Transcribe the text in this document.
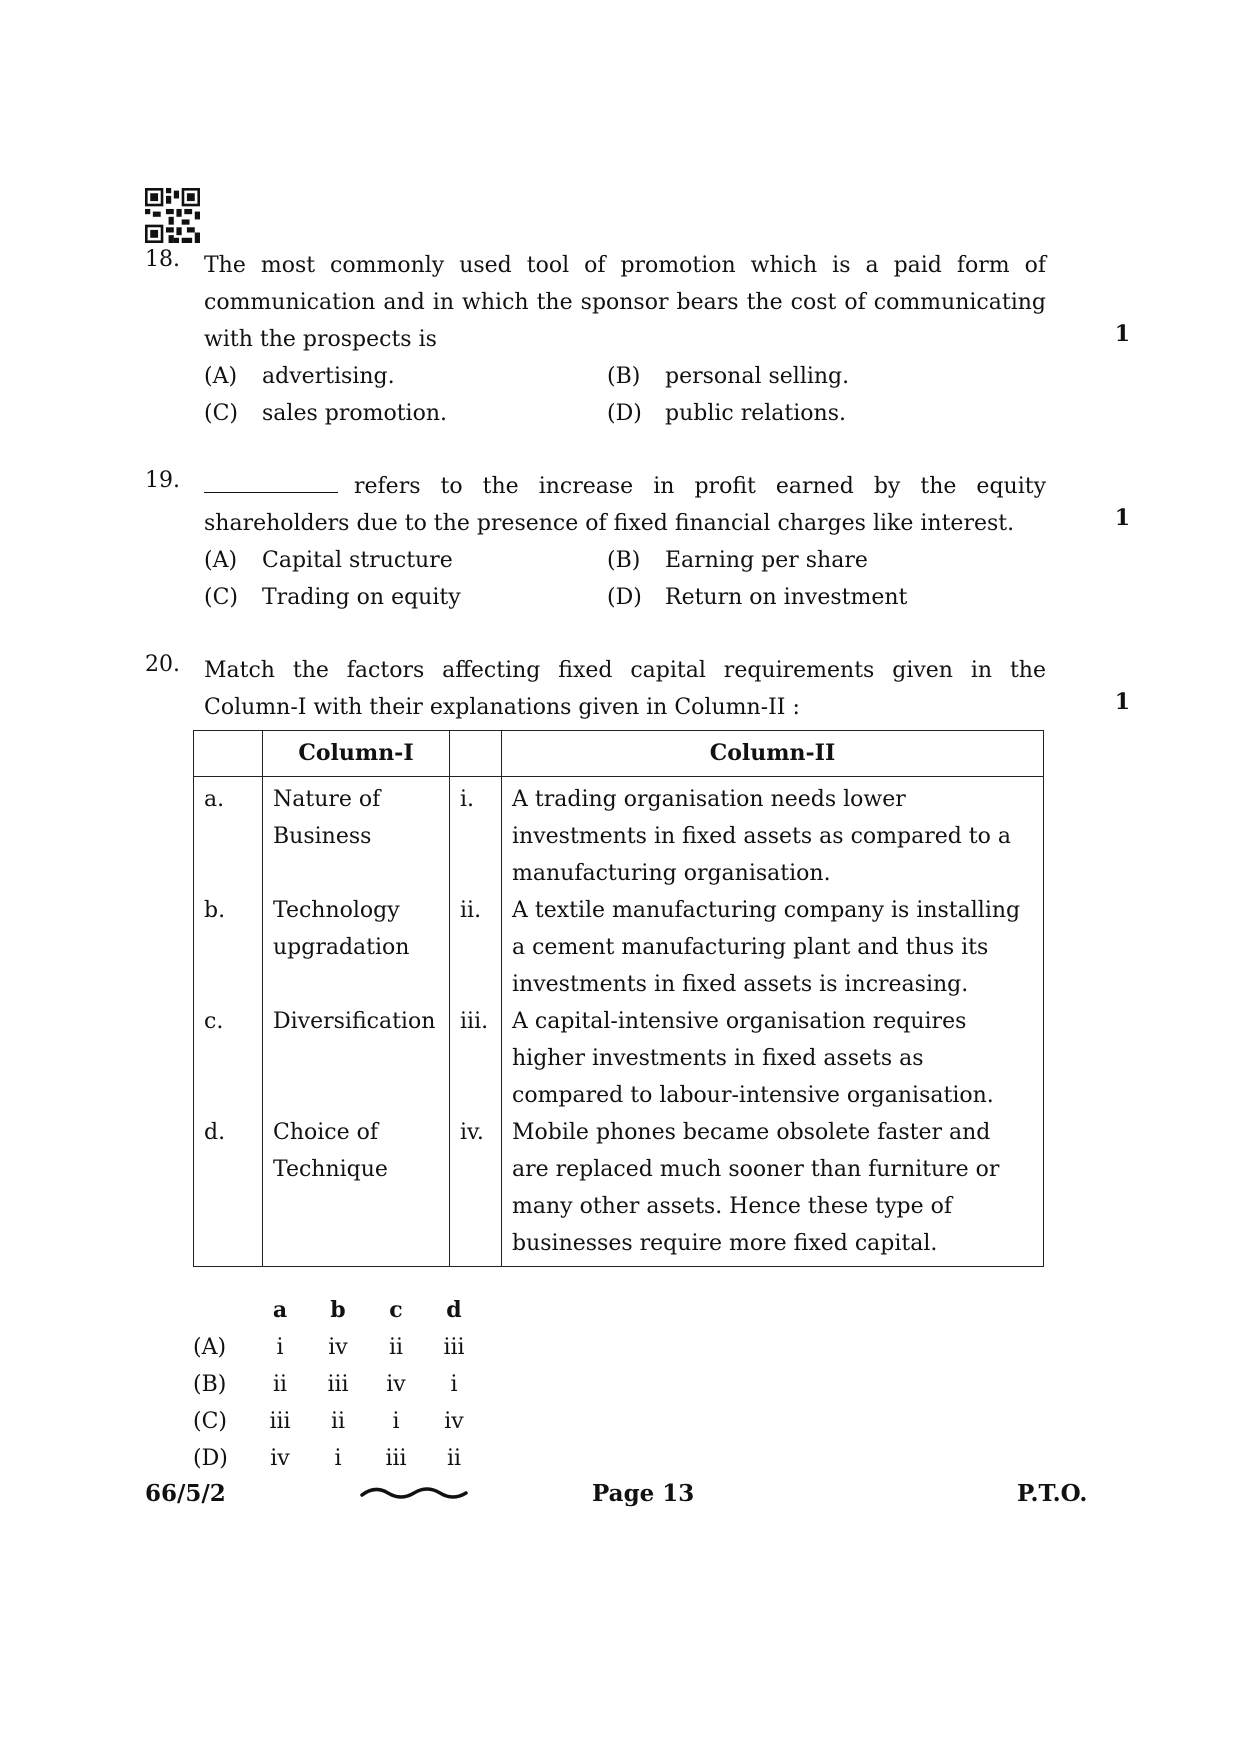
18.
1
The most commonly used tool of promotion which is a paid form of communication and in which the sponsor bears the cost of communicating with the prospects is
(A)	advertising.	(B)	personal selling.
(C)	sales promotion.	(D)	public relations.
19.
1
refers to the increase in profit earned by the equity shareholders due to the presence of fixed financial charges like interest.
(A)	Capital structure	(B)	Earning per share
(C)	Trading on equity	(D)	Return on investment
20.
1
Match the factors affecting fixed capital requirements given in the Column-I with their explanations given in Column-II :
	Column-I		Column-II
a.	Nature of Business	i.	A trading organisation needs lower investments in fixed assets as compared to a manufacturing organisation.
b.	Technology upgradation	ii.	A textile manufacturing company is installing a cement manufacturing plant and thus its investments in fixed assets is increasing.
c.	Diversification	iii.	A capital-intensive organisation requires higher investments in fixed assets as compared to labour-intensive organisation.
d.	Choice of Technique	iv.	Mobile phones became obsolete faster and are replaced much sooner than furniture or many other assets. Hence these type of businesses require more fixed capital.
	a	b	c	d
(A)	i	iv	ii	iii
(B)	ii	iii	iv	i
(C)	iii	ii	i	iv
(D)	iv	i	iii	ii
66/5/2	Page 13	P.T.O.
